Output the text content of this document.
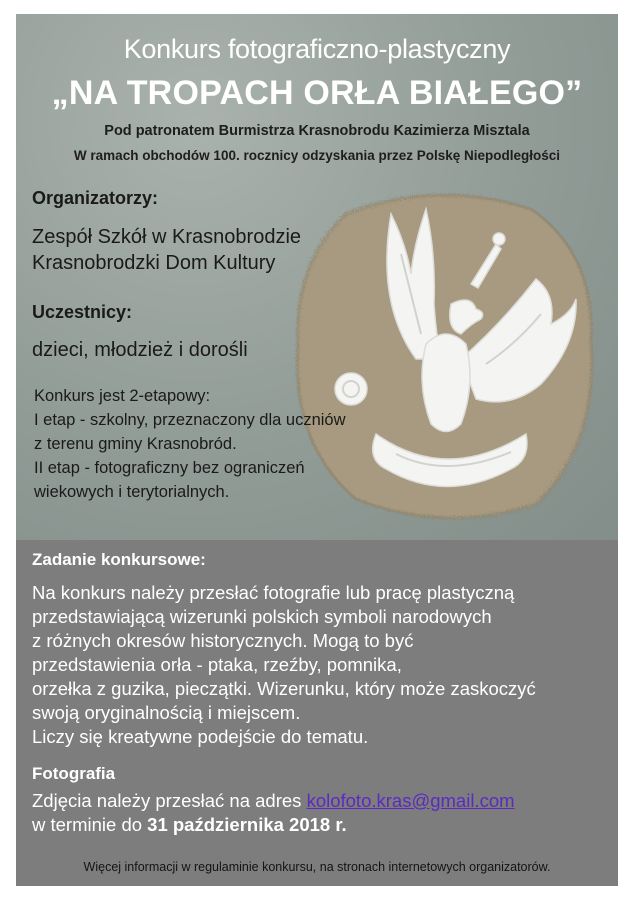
Konkurs fotograficzno-plastyczny
„NA TROPACH ORŁA BIAŁEGO”
Pod patronatem Burmistrza Krasnobrodu Kazimierza Misztala
W ramach obchodów 100. rocznicy odzyskania przez Polskę Niepodległości
Organizatorzy:
Zespół Szkół w Krasnobrodzie
Krasnobrodzki Dom Kultury
Uczestnicy:
dzieci, młodzież i dorośli
Konkurs jest 2-etapowy:
I etap - szkolny, przeznaczony dla uczniów
z terenu gminy Krasnobród.
II etap - fotograficzny bez ograniczeń
wiekowych i terytorialnych.
Zadanie konkursowe:
Na konkurs należy przesłać fotografie lub pracę plastyczną
przedstawiającą wizerunki polskich symboli narodowych
z różnych okresów historycznych. Mogą to być
przedstawienia orła - ptaka, rzeźby, pomnika,
orzełka z guzika, pieczątki. Wizerunku, który może zaskoczyć
swoją oryginalnością i miejscem.
Liczy się kreatywne podejście do tematu.
Fotografia
Zdjęcia należy przesłać na adres kolofoto.kras@gmail.com
w terminie do 31 października 2018 r.
Więcej informacji w regulaminie konkursu, na stronach internetowych organizatorów.
